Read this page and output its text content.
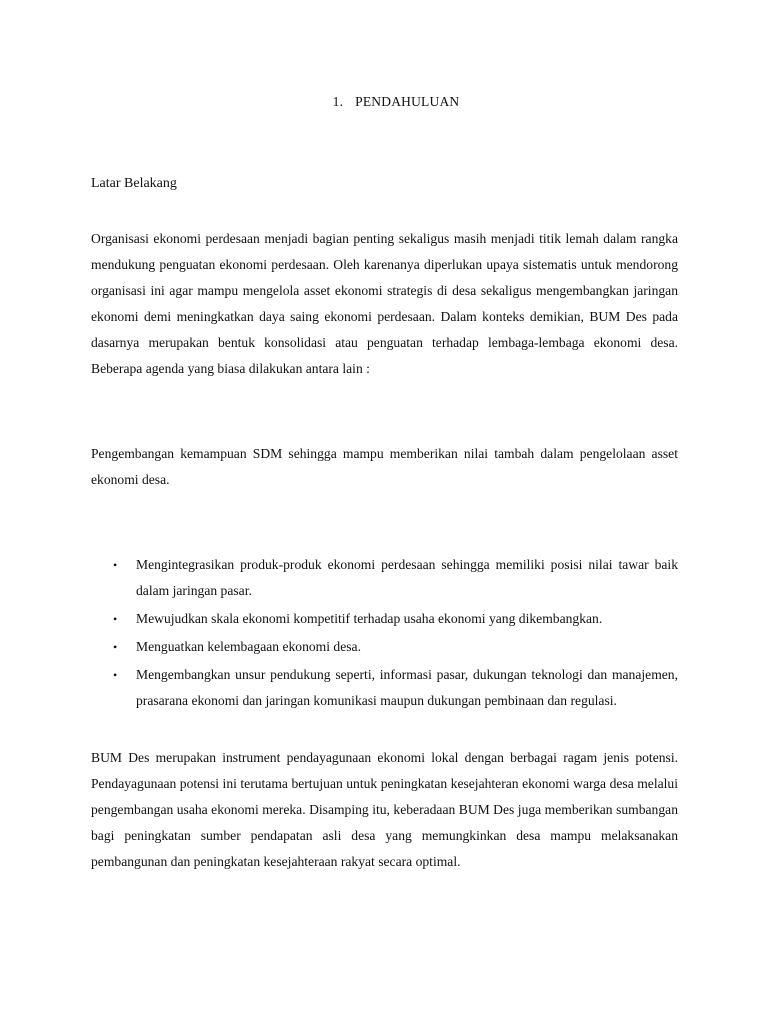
1. PENDAHULUAN
Latar Belakang

Organisasi ekonomi perdesaan menjadi bagian penting sekaligus masih menjadi titik lemah dalam rangka mendukung penguatan ekonomi perdesaan. Oleh karenanya diperlukan upaya sistematis untuk mendorong organisasi ini agar mampu mengelola asset ekonomi strategis di desa sekaligus mengembangkan jaringan ekonomi demi meningkatkan daya saing ekonomi perdesaan. Dalam konteks demikian, BUM Des pada dasarnya merupakan bentuk konsolidasi atau penguatan terhadap lembaga-lembaga ekonomi desa. Beberapa agenda yang biasa dilakukan antara lain :

Pengembangan kemampuan SDM sehingga mampu memberikan nilai tambah dalam pengelolaan asset ekonomi desa.

• Mengintegrasikan produk-produk ekonomi perdesaan sehingga memiliki posisi nilai tawar baik dalam jaringan pasar.
• Mewujudkan skala ekonomi kompetitif terhadap usaha ekonomi yang dikembangkan.
• Menguatkan kelembagaan ekonomi desa.
• Mengembangkan unsur pendukung seperti, informasi pasar, dukungan teknologi dan manajemen, prasarana ekonomi dan jaringan komunikasi maupun dukungan pembinaan dan regulasi.

BUM Des merupakan instrument pendayagunaan ekonomi lokal dengan berbagai ragam jenis potensi. Pendayagunaan potensi ini terutama bertujuan untuk peningkatan kesejahteran ekonomi warga desa melalui pengembangan usaha ekonomi mereka. Disamping itu, keberadaan BUM Des juga memberikan sumbangan bagi peningkatan sumber pendapatan asli desa yang memungkinkan desa mampu melaksanakan pembangunan dan peningkatan kesejahteraan rakyat secara optimal.
